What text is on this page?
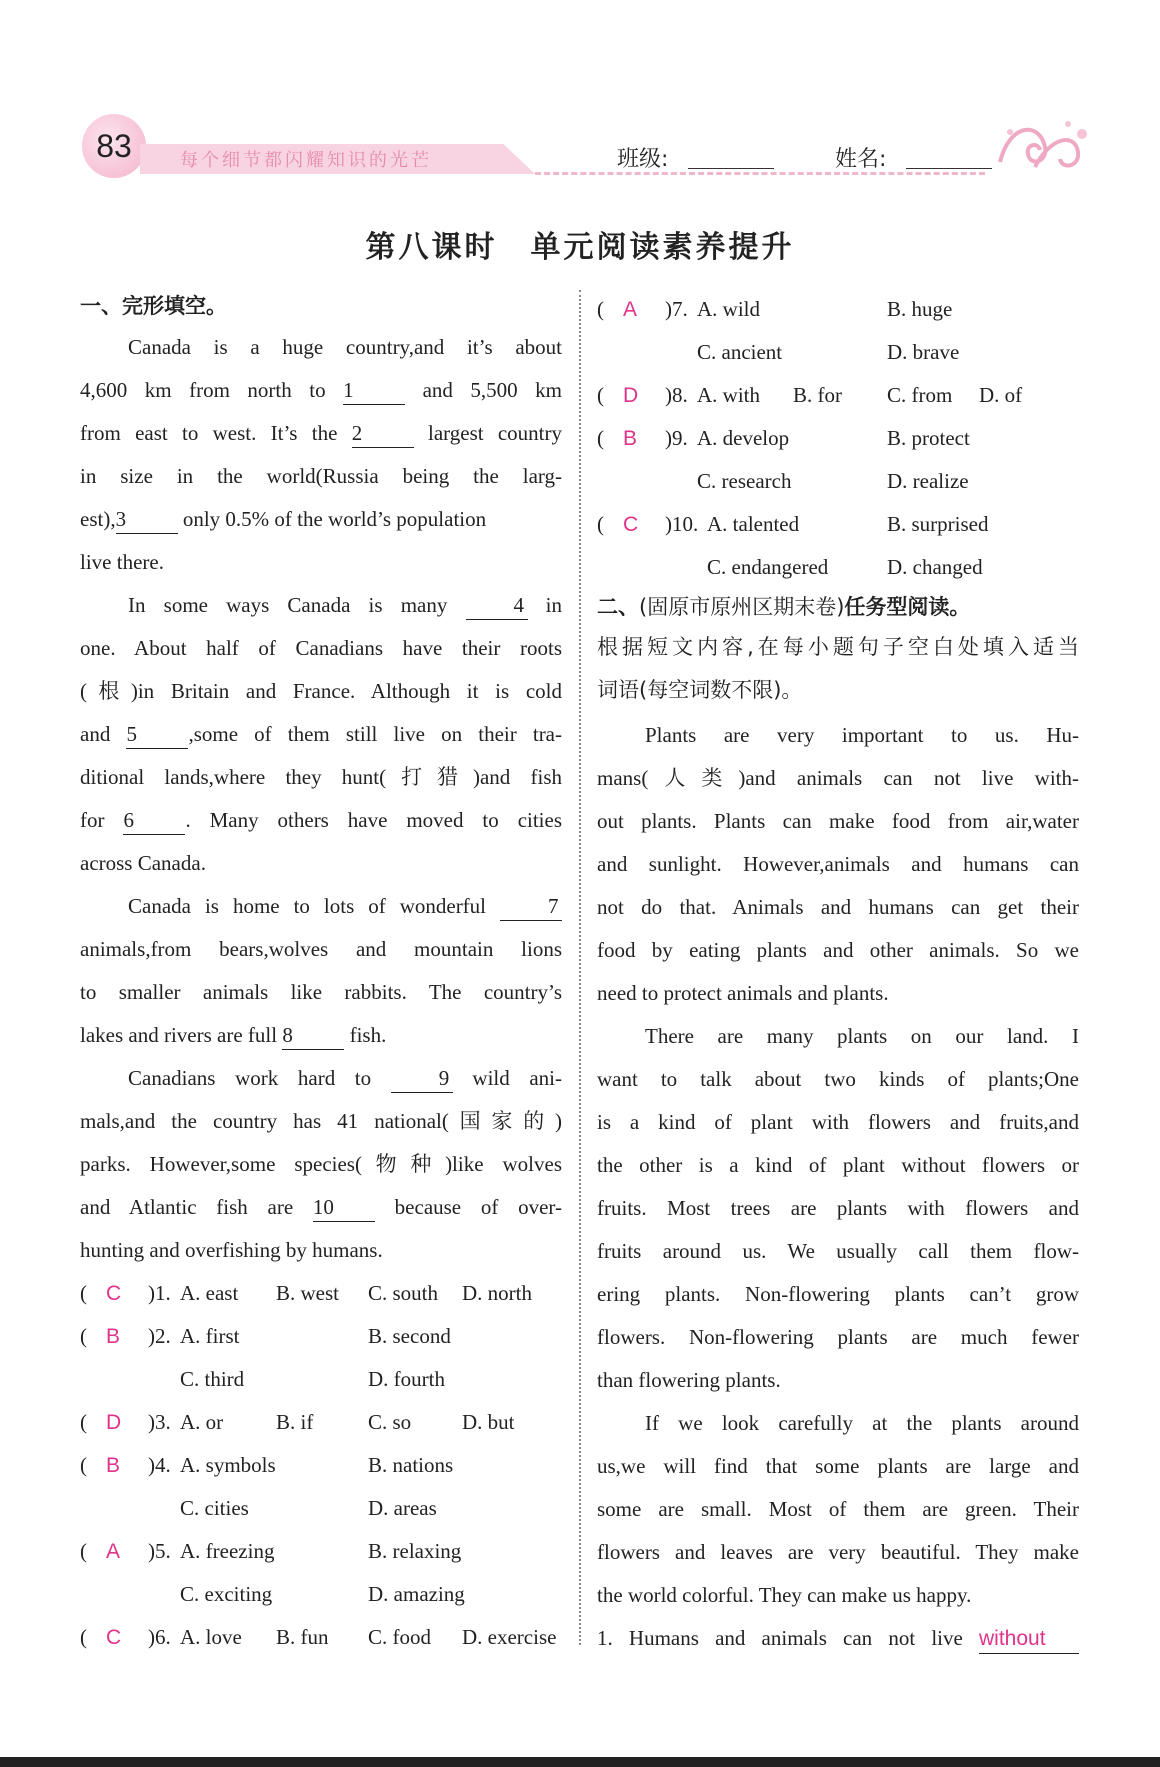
83	每个细节都闪耀知识的光芒	班级:	姓名:
第八课时　单元阅读素养提升
一、完形填空。
Canada is a huge country,and it’s about
4,600 km from north to 1	and 5,500 km
from east to west. It’s the 2	largest country
in size in the world(Russia being the larg-
est),3	only 0.5% of the world’s population
live there.
In some ways Canada is many	4 in
one. About half of Canadians have their roots
(根)in Britain and France. Although it is cold
and 5 ,some of them still live on their tra-
ditional lands,where they hunt(打猎)and fish
for 6 . Many others have moved to cities
across Canada.
Canada is home to lots of wonderful	7
animals,from bears,wolves and mountain lions
to smaller animals like rabbits. The country’s
lakes and rivers are full 8	fish.
Canadians work hard to	9 wild ani-
mals,and the country has 41 national(国家的)
parks. However,some species(物种)like wolves
and Atlantic fish are 10	because of over-
hunting and overfishing by humans.
( C )1. A. east B. west C. south D. north
( B )2. A. first	B. second
C. third	D. fourth
( D )3. A. or	B. if	C. so D. but
( B )4. A. symbols	B. nations
C. cities	D. areas
( A )5. A. freezing	B. relaxing
C. exciting	D. amazing
( C )6. A. love B. fun C. food D. exercise
( A )7. A. wild	B. huge
C. ancient	D. brave
( D )8. A. with B. for C. from D. of
( B )9. A. develop	B. protect
C. research	D. realize
( C )10. A. talented	B. surprised
C. endangered	D. changed
二、(固原市原州区期末卷)任务型阅读。
根据短文内容,在每小题句子空白处填入适当
词语(每空词数不限)。
Plants are very important to us. Hu-
mans(人类)and animals can not live with-
out plants. Plants can make food from air,water
and sunlight. However,animals and humans can
not do that. Animals and humans can get their
food by eating plants and other animals. So we
need to protect animals and plants.
There are many plants on our land. I
want to talk about two kinds of plants;One
is a kind of plant with flowers and fruits,and
the other is a kind of plant without flowers or
fruits. Most trees are plants with flowers and
fruits around us. We usually call them flow-
ering plants. Non-flowering plants can’t grow
flowers. Non-flowering plants are much fewer
than flowering plants.
If we look carefully at the plants around
us,we will find that some plants are large and
some are small. Most of them are green. Their
flowers and leaves are very beautiful. They make
the world colorful. They can make us happy.
1. Humans and animals can not live without
